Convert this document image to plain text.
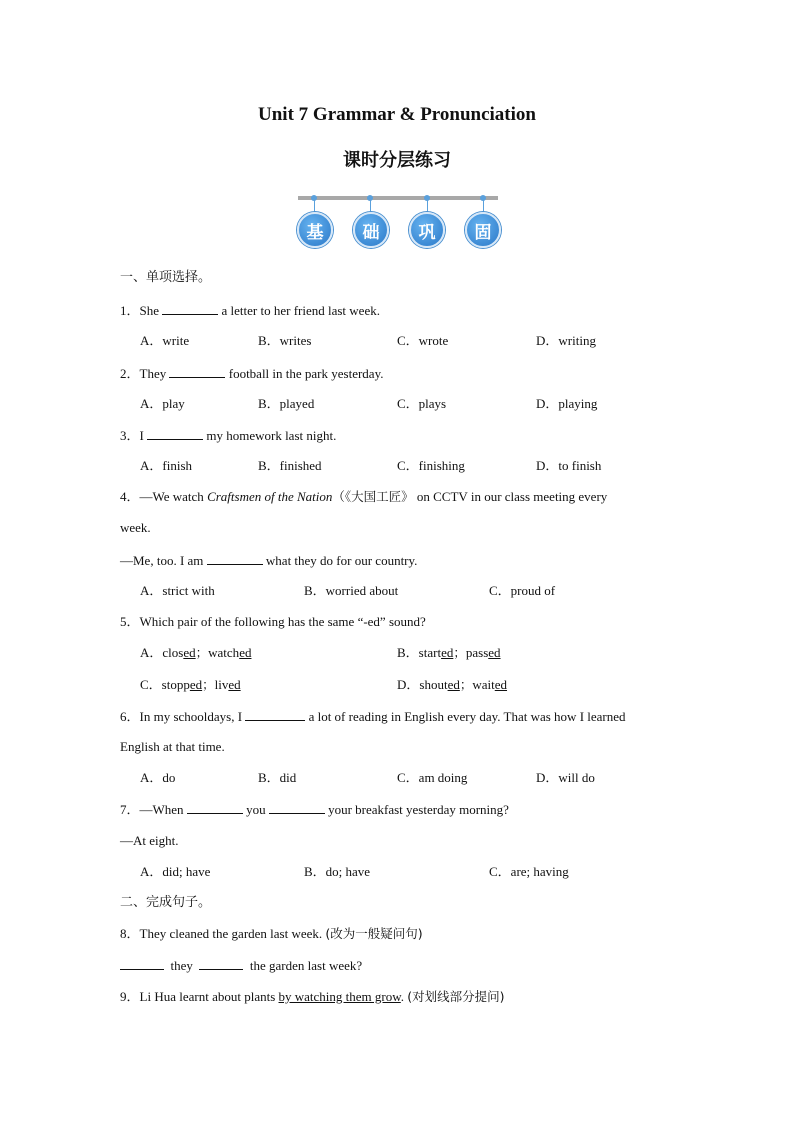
Unit 7 Grammar & Pronunciation
课时分层练习
基	础	巩	固
一、单项选择。
1．She	a letter to her friend last week.
A．write	B．writes	C．wrote	D．writing
2．They	football in the park yesterday.
A．play	B．played	C．plays	D．playing
3．I	my homework last night.
A．finish	B．finished	C．finishing	D．to finish
4．—We watch Craftsmen of the Nation（《大国工匠》 on CCTV in our class meeting every
week.
—Me, too. I am	what they do for our country.
A．strict with	B．worried about	C．proud of
5．Which pair of the following has the same “-ed” sound?
A．closed；watched	B．started；passed
C．stopped；lived	D．shouted；waited
6．In my schooldays, I	a lot of reading in English every day. That was how I learned
English at that time.
A．do	B．did	C．am doing	D．will do
7．—When	you	your breakfast yesterday morning?
—At eight.
A．did; have	B．do; have	C．are; having
二、完成句子。
8．They cleaned the garden last week. (改为一般疑问句)
they	the garden last week?
9．Li Hua learnt about plants by watching them grow. (对划线部分提问)
